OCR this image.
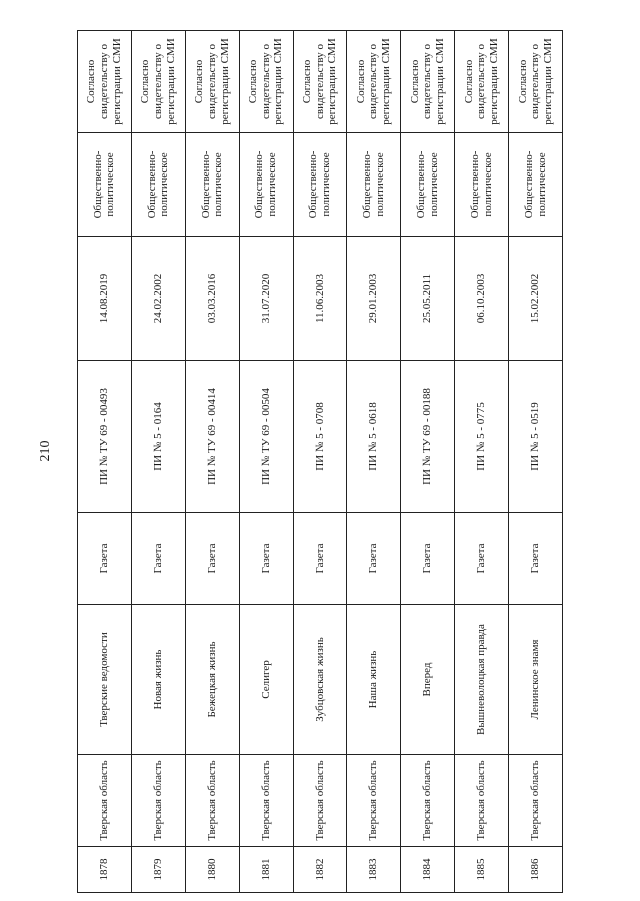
210
1878	Тверская область	Тверские ведомости	Газета	ПИ № ТУ 69 - 00493	14.08.2019	Общественно-политическое	Согласно свидетельству о регистрации СМИ
1879	Тверская область	Новая жизнь	Газета	ПИ № 5 - 0164	24.02.2002	Общественно-политическое	Согласно свидетельству о регистрации СМИ
1880	Тверская область	Бежецкая жизнь	Газета	ПИ № ТУ 69 - 00414	03.03.2016	Общественно-политическое	Согласно свидетельству о регистрации СМИ
1881	Тверская область	Селигер	Газета	ПИ № ТУ 69 - 00504	31.07.2020	Общественно-политическое	Согласно свидетельству о регистрации СМИ
1882	Тверская область	Зубцовская жизнь	Газета	ПИ № 5 - 0708	11.06.2003	Общественно-политическое	Согласно свидетельству о регистрации СМИ
1883	Тверская область	Наша жизнь	Газета	ПИ № 5 - 0618	29.01.2003	Общественно-политическое	Согласно свидетельству о регистрации СМИ
1884	Тверская область	Вперед	Газета	ПИ № ТУ 69 - 00188	25.05.2011	Общественно-политическое	Согласно свидетельству о регистрации СМИ
1885	Тверская область	Вышневолоцкая правда	Газета	ПИ № 5 - 0775	06.10.2003	Общественно-политическое	Согласно свидетельству о регистрации СМИ
1886	Тверская область	Ленинское знамя	Газета	ПИ № 5 - 0519	15.02.2002	Общественно-политическое	Согласно свидетельству о регистрации СМИ
